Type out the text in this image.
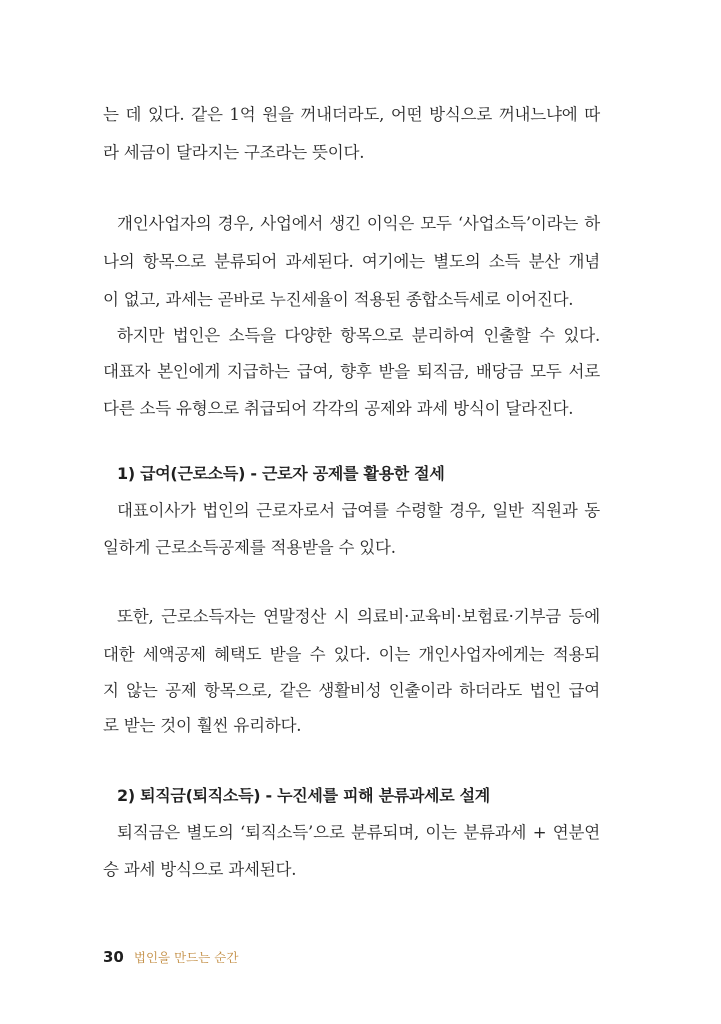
는 데 있다. 같은 1억 원을 꺼내더라도, 어떤 방식으로 꺼내느냐에 따
라 세금이 달라지는 구조라는 뜻이다.
개인사업자의 경우, 사업에서 생긴 이익은 모두 ‘사업소득’이라는 하
나의 항목으로 분류되어 과세된다. 여기에는 별도의 소득 분산 개념
이 없고, 과세는 곧바로 누진세율이 적용된 종합소득세로 이어진다.
하지만 법인은 소득을 다양한 항목으로 분리하여 인출할 수 있다.
대표자 본인에게 지급하는 급여, 향후 받을 퇴직금, 배당금 모두 서로
다른 소득 유형으로 취급되어 각각의 공제와 과세 방식이 달라진다.
1) 급여(근로소득) - 근로자 공제를 활용한 절세
대표이사가 법인의 근로자로서 급여를 수령할 경우, 일반 직원과 동
일하게 근로소득공제를 적용받을 수 있다.
또한, 근로소득자는 연말정산 시 의료비·교육비·보험료·기부금 등에
대한 세액공제 혜택도 받을 수 있다. 이는 개인사업자에게는 적용되
지 않는 공제 항목으로, 같은 생활비성 인출이라 하더라도 법인 급여
로 받는 것이 훨씬 유리하다.
2) 퇴직금(퇴직소득) - 누진세를 피해 분류과세로 설계
퇴직금은 별도의 ‘퇴직소득’으로 분류되며, 이는 분류과세 + 연분연
승 과세 방식으로 과세된다.
30 법인을 만드는 순간
